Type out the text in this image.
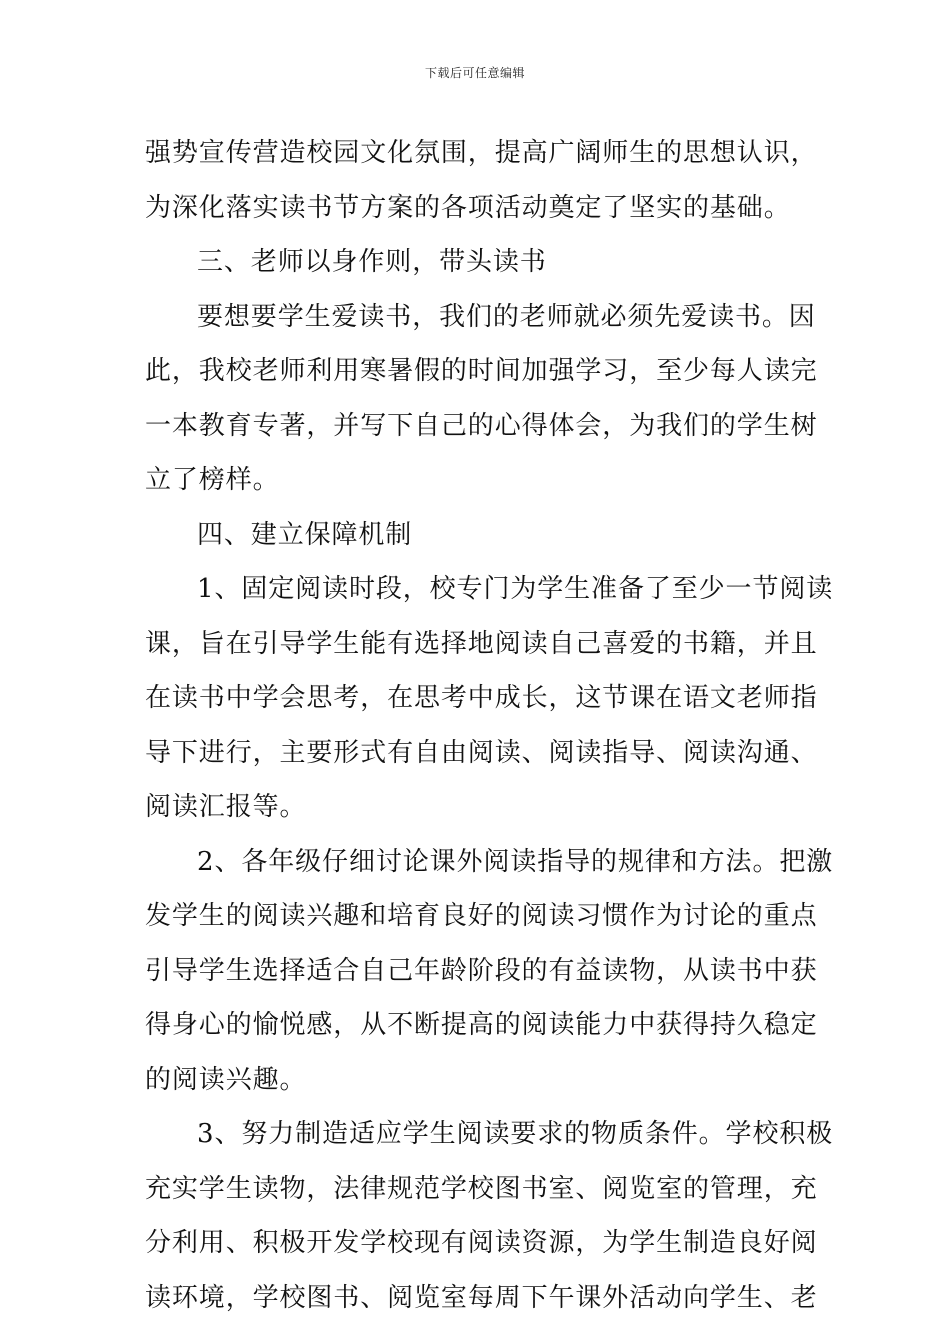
下载后可任意编辑
强势宣传营造校园文化氛围，提高广阔师生的思想认识，
为深化落实读书节方案的各项活动奠定了坚实的基础。
三、老师以身作则，带头读书
要想要学生爱读书，我们的老师就必须先爱读书。因
此，我校老师利用寒暑假的时间加强学习，至少每人读完
一本教育专著，并写下自己的心得体会，为我们的学生树
立了榜样。
四、建立保障机制
1、固定阅读时段，校专门为学生准备了至少一节阅读
课，旨在引导学生能有选择地阅读自己喜爱的书籍，并且
在读书中学会思考，在思考中成长，这节课在语文老师指
导下进行，主要形式有自由阅读、阅读指导、阅读沟通、
阅读汇报等。
2、各年级仔细讨论课外阅读指导的规律和方法。把激
发学生的阅读兴趣和培育良好的阅读习惯作为讨论的重点
引导学生选择适合自己年龄阶段的有益读物，从读书中获
得身心的愉悦感，从不断提高的阅读能力中获得持久稳定
的阅读兴趣。
3、努力制造适应学生阅读要求的物质条件。学校积极
充实学生读物，法律规范学校图书室、阅览室的管理，充
分利用、积极开发学校现有阅读资源，为学生制造良好阅
读环境，学校图书、阅览室每周下午课外活动向学生、老
